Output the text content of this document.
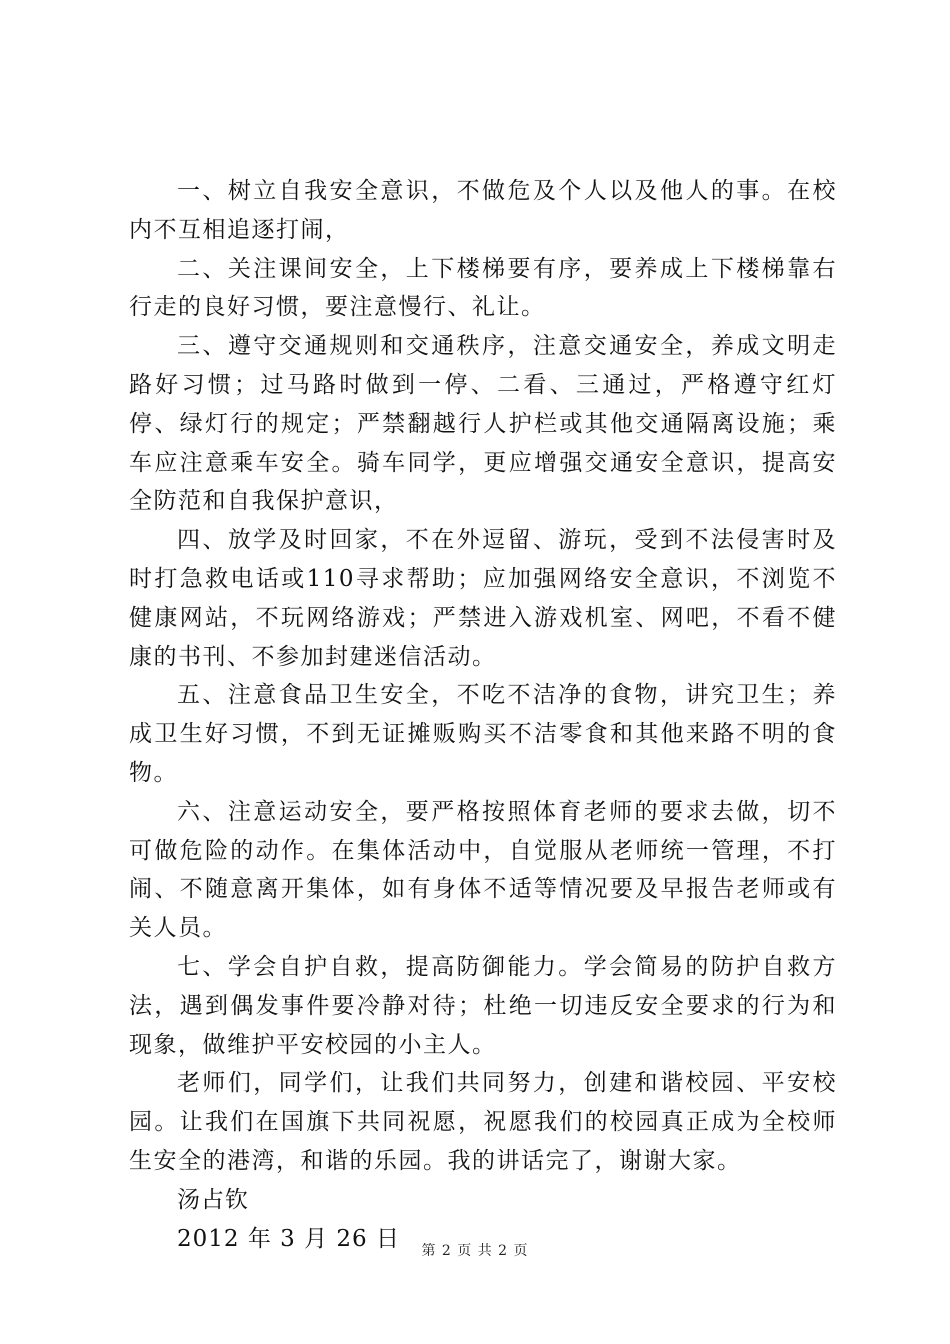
一、树立自我安全意识，不做危及个人以及他人的事。在校内不互相追逐打闹，

二、关注课间安全，上下楼梯要有序，要养成上下楼梯靠右行走的良好习惯，要注意慢行、礼让。

三、遵守交通规则和交通秩序，注意交通安全，养成文明走路好习惯；过马路时做到一停、二看、三通过，严格遵守红灯停、绿灯行的规定；严禁翻越行人护栏或其他交通隔离设施；乘车应注意乘车安全。骑车同学，更应增强交通安全意识，提高安全防范和自我保护意识，

四、放学及时回家，不在外逗留、游玩，受到不法侵害时及时打急救电话或110寻求帮助；应加强网络安全意识，不浏览不健康网站，不玩网络游戏；严禁进入游戏机室、网吧，不看不健康的书刊、不参加封建迷信活动。

五、注意食品卫生安全，不吃不洁净的食物，讲究卫生；养成卫生好习惯，不到无证摊贩购买不洁零食和其他来路不明的食物。

六、注意运动安全，要严格按照体育老师的要求去做，切不可做危险的动作。在集体活动中，自觉服从老师统一管理，不打闹、不随意离开集体，如有身体不适等情况要及早报告老师或有关人员。

七、学会自护自救，提高防御能力。学会简易的防护自救方法，遇到偶发事件要冷静对待；杜绝一切违反安全要求的行为和现象，做维护平安校园的小主人。

老师们，同学们，让我们共同努力，创建和谐校园、平安校园。让我们在国旗下共同祝愿，祝愿我们的校园真正成为全校师生安全的港湾，和谐的乐园。我的讲话完了，谢谢大家。

汤占钦

2012 年 3 月 26 日	第 2 页 共 2 页
